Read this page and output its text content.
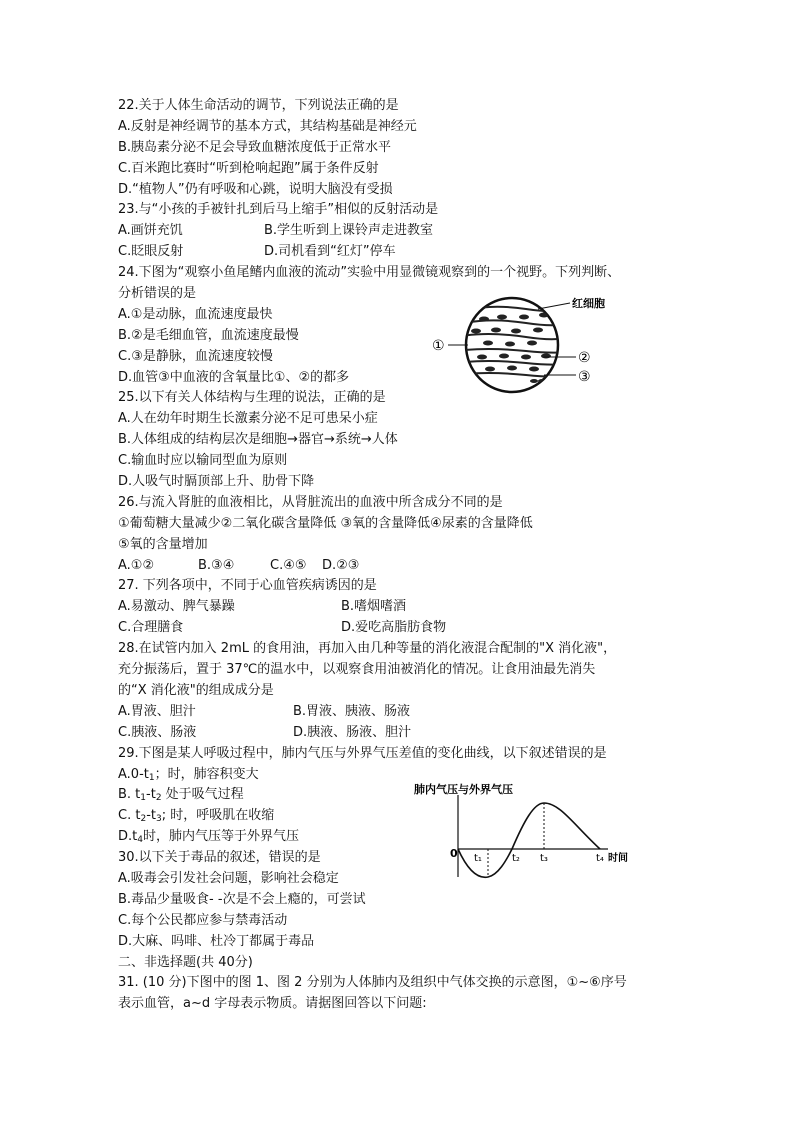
22.关于人体生命活动的调节，下列说法正确的是
A.反射是神经调节的基本方式，其结构基础是神经元
B.胰岛素分泌不足会导致血糖浓度低于正常水平
C.百米跑比赛时“听到枪响起跑”属于条件反射
D.“植物人”仍有呼吸和心跳，说明大脑没有受损
23.与“小孩的手被针扎到后马上缩手”相似的反射活动是
A.画饼充饥	B.学生听到上课铃声走进教室
C.眨眼反射	D.司机看到“红灯”停车
24.下图为“观察小鱼尾鳍内血液的流动”实验中用显微镜观察到的一个视野。下列判断、
分析错误的是
A.①是动脉，血流速度最快
B.②是毛细血管，血流速度最慢
C.③是静脉，血流速度较慢
D.血管③中血液的含氧量比①、②的都多
25.以下有关人体结构与生理的说法，正确的是
A.人在幼年时期生长激素分泌不足可患呆小症
B.人体组成的结构层次是细胞→器官→系统→人体
C.输血时应以输同型血为原则
D.人吸气时膈顶部上升、肋骨下降
26.与流入肾脏的血液相比，从肾脏流出的血液中所含成分不同的是
①葡萄糖大量减少②二氧化碳含量降低 ③氧的含量降低④尿素的含量降低
⑤氧的含量增加
A.①②	B.③④	C.④⑤	D.②③
27. 下列各项中，不同于心血管疾病诱因的是
A.易激动、脾气暴躁	B.嗜烟嗜酒
C.合理膳食	D.爱吃高脂肪食物
28.在试管内加入 2mL 的食用油，再加入由几种等量的消化液混合配制的"X 消化液"，
充分振荡后，置于 37℃的温水中，以观察食用油被消化的情况。让食用油最先消失
的“X 消化液"的组成成分是
A.胃液、胆汁	B.胃液、胰液、肠液
C.胰液、肠液	D.胰液、肠液、胆汁
29.下图是某人呼吸过程中，肺内气压与外界气压差值的变化曲线，以下叙述错误的是
$A.0-t_1$；时，肺容积变大
B. $t_1-t_2$ 处于吸气过程
C. $t_2-t_3$; 时，呼吸肌在收缩
$D.t_4$时，肺内气压等于外界气压
30.以下关于毒品的叙述，错误的是
A.吸毒会引发社会问题，影响社会稳定
B.毒品少量吸食- -次是不会上瘾的，可尝试
C.每个公民都应参与禁毒活动
D.大麻、吗啡、杜冷丁都属于毒品
二、非选择题(共 40分)
31. (10 分)下图中的图 1、图 2 分别为人体肺内及组织中气体交换的示意图，①~⑥序号
表示血管，a~d 字母表示物质。请据图回答以下问题:
红细胞
①
②
③
肺内气压与外界气压
0 t₁	t₂ t₃	t₄ 时间
